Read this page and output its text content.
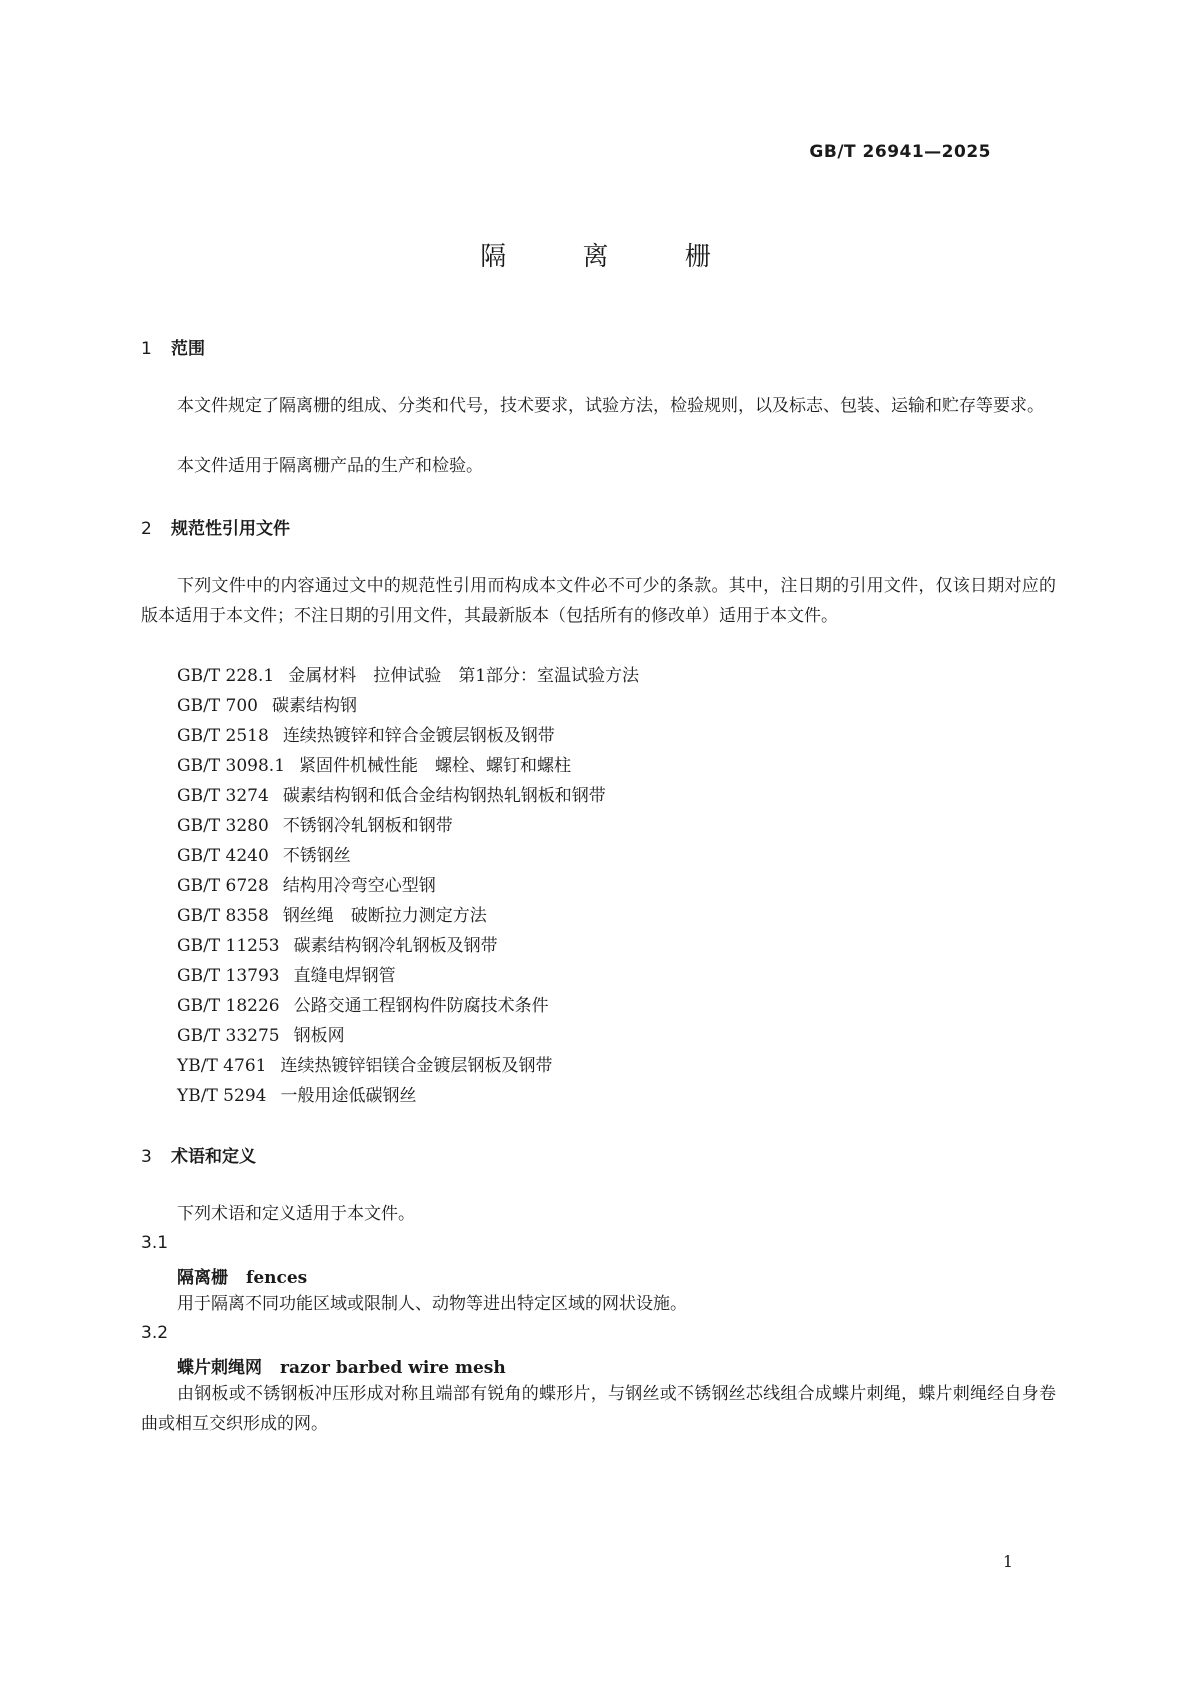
GB/T 26941—2025
隔 离 栅
1 范围
本文件规定了隔离栅的组成、分类和代号，技术要求，试验方法，检验规则，以及标志、包装、运输和贮存等要求。
本文件适用于隔离栅产品的生产和检验。
2 规范性引用文件
下列文件中的内容通过文中的规范性引用而构成本文件必不可少的条款。其中，注日期的引用文件，仅该日期对应的版本适用于本文件；不注日期的引用文件，其最新版本（包括所有的修改单）适用于本文件。
GB/T 228.1 金属材料　拉伸试验　第1部分：室温试验方法
GB/T 700 碳素结构钢
GB/T 2518 连续热镀锌和锌合金镀层钢板及钢带
GB/T 3098.1 紧固件机械性能　螺栓、螺钉和螺柱
GB/T 3274 碳素结构钢和低合金结构钢热轧钢板和钢带
GB/T 3280 不锈钢冷轧钢板和钢带
GB/T 4240 不锈钢丝
GB/T 6728 结构用冷弯空心型钢
GB/T 8358 钢丝绳　破断拉力测定方法
GB/T 11253 碳素结构钢冷轧钢板及钢带
GB/T 13793 直缝电焊钢管
GB/T 18226 公路交通工程钢构件防腐技术条件
GB/T 33275 钢板网
YB/T 4761 连续热镀锌铝镁合金镀层钢板及钢带
YB/T 5294 一般用途低碳钢丝
3 术语和定义
下列术语和定义适用于本文件。
3.1
隔离栅 fences
用于隔离不同功能区域或限制人、动物等进出特定区域的网状设施。
3.2
蝶片刺绳网 razor barbed wire mesh
由钢板或不锈钢板冲压形成对称且端部有锐角的蝶形片，与钢丝或不锈钢丝芯线组合成蝶片刺绳，蝶片刺绳经自身卷曲或相互交织形成的网。
1
